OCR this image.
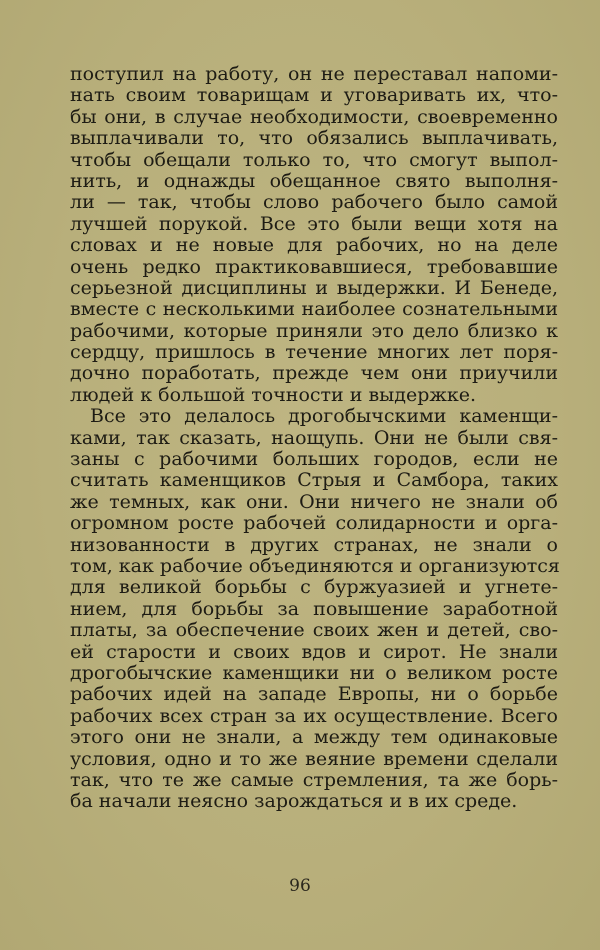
поступил на работу, он не переставал напоми-
нать своим товарищам и уговаривать их, что-
бы они, в случае необходимости, своевременно
выплачивали то, что обязались выплачивать,
чтобы обещали только то, что смогут выпол-
нить, и однажды обещанное свято выполня-
ли — так, чтобы слово рабочего было самой
лучшей порукой. Все это были вещи хотя на
словах и не новые для рабочих, но на деле
очень редко практиковавшиеся, требовавшие
серьезной дисциплины и выдержки. И Бенеде,
вместе с несколькими наиболее сознательными
рабочими, которые приняли это дело близко к
сердцу, пришлось в течение многих лет поря-
дочно поработать, прежде чем они приучили
людей к большой точности и выдержке.
Все это делалось дрогобычскими каменщи-
ками, так сказать, наощупь. Они не были свя-
заны с рабочими больших городов, если не
считать каменщиков Стрыя и Самбора, таких
же темных, как они. Они ничего не знали об
огромном росте рабочей солидарности и орга-
низованности в других странах, не знали о
том, как рабочие объединяются и организуются
для великой борьбы с буржуазией и угнете-
нием, для борьбы за повышение заработной
платы, за обеспечение своих жен и детей, сво-
ей старости и своих вдов и сирот. Не знали
дрогобычские каменщики ни о великом росте
рабочих идей на западе Европы, ни о борьбе
рабочих всех стран за их осуществление. Всего
этого они не знали, а между тем одинаковые
условия, одно и то же веяние времени сделали
так, что те же самые стремления, та же борь-
ба начали неясно зарождаться и в их среде.
96
